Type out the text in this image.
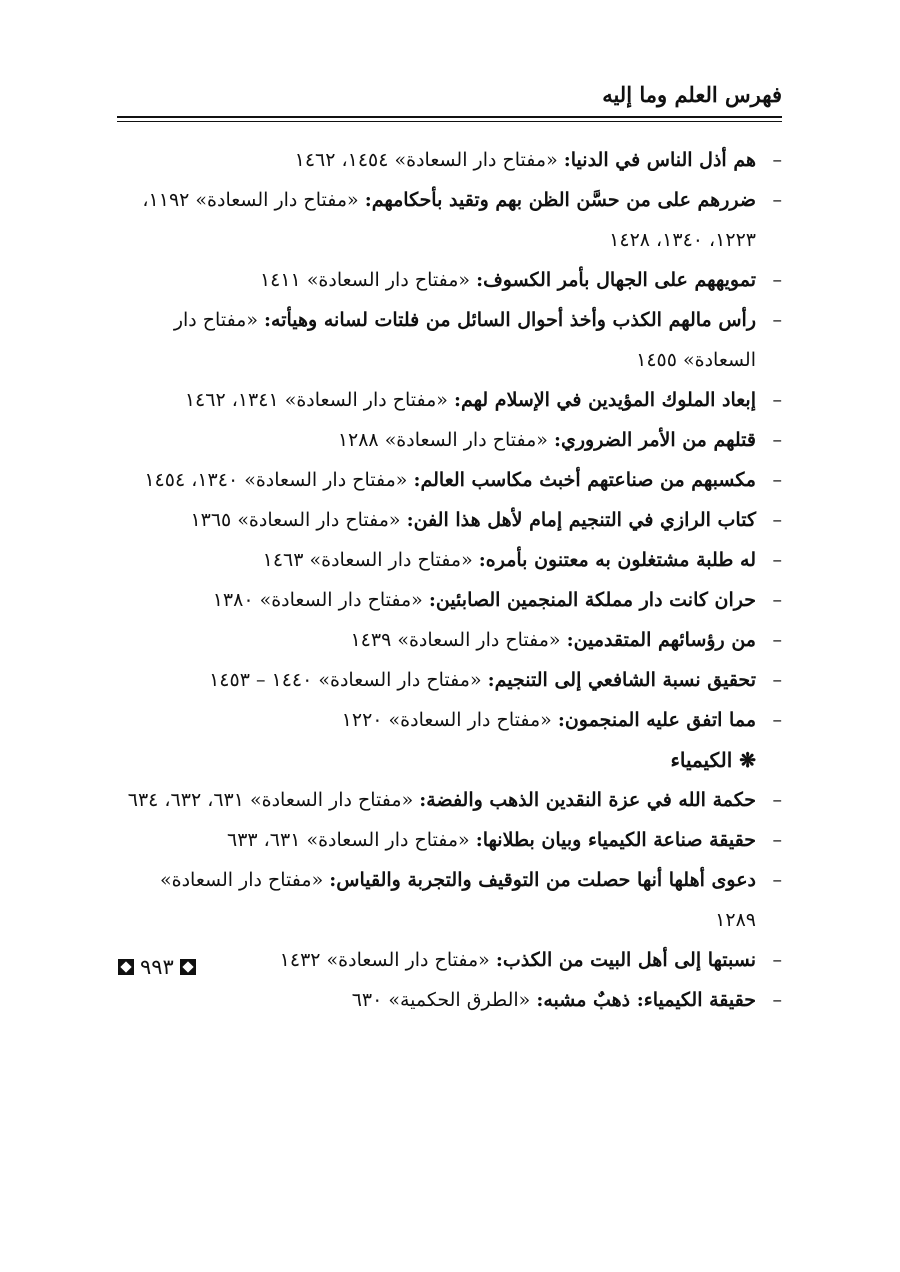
فهرس العلم وما إليه
–
هم أذل الناس في الدنيا: «مفتاح دار السعادة» ١٤٥٤، ١٤٦٢
–
ضررهم على من حسَّن الظن بهم وتقيد بأحكامهم: «مفتاح دار السعادة» ١١٩٢، ١٢٢٣، ١٣٤٠، ١٤٢٨
–
تمويههم على الجهال بأمر الكسوف: «مفتاح دار السعادة» ١٤١١
–
رأس مالهم الكذب وأخذ أحوال السائل من فلتات لسانه وهيأته: «مفتاح دار السعادة» ١٤٥٥
–
إبعاد الملوك المؤيدين في الإسلام لهم: «مفتاح دار السعادة» ١٣٤١، ١٤٦٢
–
قتلهم من الأمر الضروري: «مفتاح دار السعادة» ١٢٨٨
–
مكسبهم من صناعتهم أخبث مكاسب العالم: «مفتاح دار السعادة» ١٣٤٠، ١٤٥٤
–
كتاب الرازي في التنجيم إمام لأهل هذا الفن: «مفتاح دار السعادة» ١٣٦٥
–
له طلبة مشتغلون به معتنون بأمره: «مفتاح دار السعادة» ١٤٦٣
–
حران كانت دار مملكة المنجمين الصابئين: «مفتاح دار السعادة» ١٣٨٠
–
من رؤسائهم المتقدمين: «مفتاح دار السعادة» ١٤٣٩
–
تحقيق نسبة الشافعي إلى التنجيم: «مفتاح دار السعادة» ١٤٤٠ – ١٤٥٣
–
مما اتفق عليه المنجمون: «مفتاح دار السعادة» ١٢٢٠
❋ الكيمياء
–
حكمة الله في عزة النقدين الذهب والفضة: «مفتاح دار السعادة» ٦٣١، ٦٣٢، ٦٣٤
–
حقيقة صناعة الكيمياء وبيان بطلانها: «مفتاح دار السعادة» ٦٣١، ٦٣٣
–
دعوى أهلها أنها حصلت من التوقيف والتجربة والقياس: «مفتاح دار السعادة» ١٢٨٩
–
نسبتها إلى أهل البيت من الكذب: «مفتاح دار السعادة» ١٤٣٢
–
حقيقة الكيمياء: ذهبٌ مشبه: «الطرق الحكمية» ٦٣٠
٩٩٣
